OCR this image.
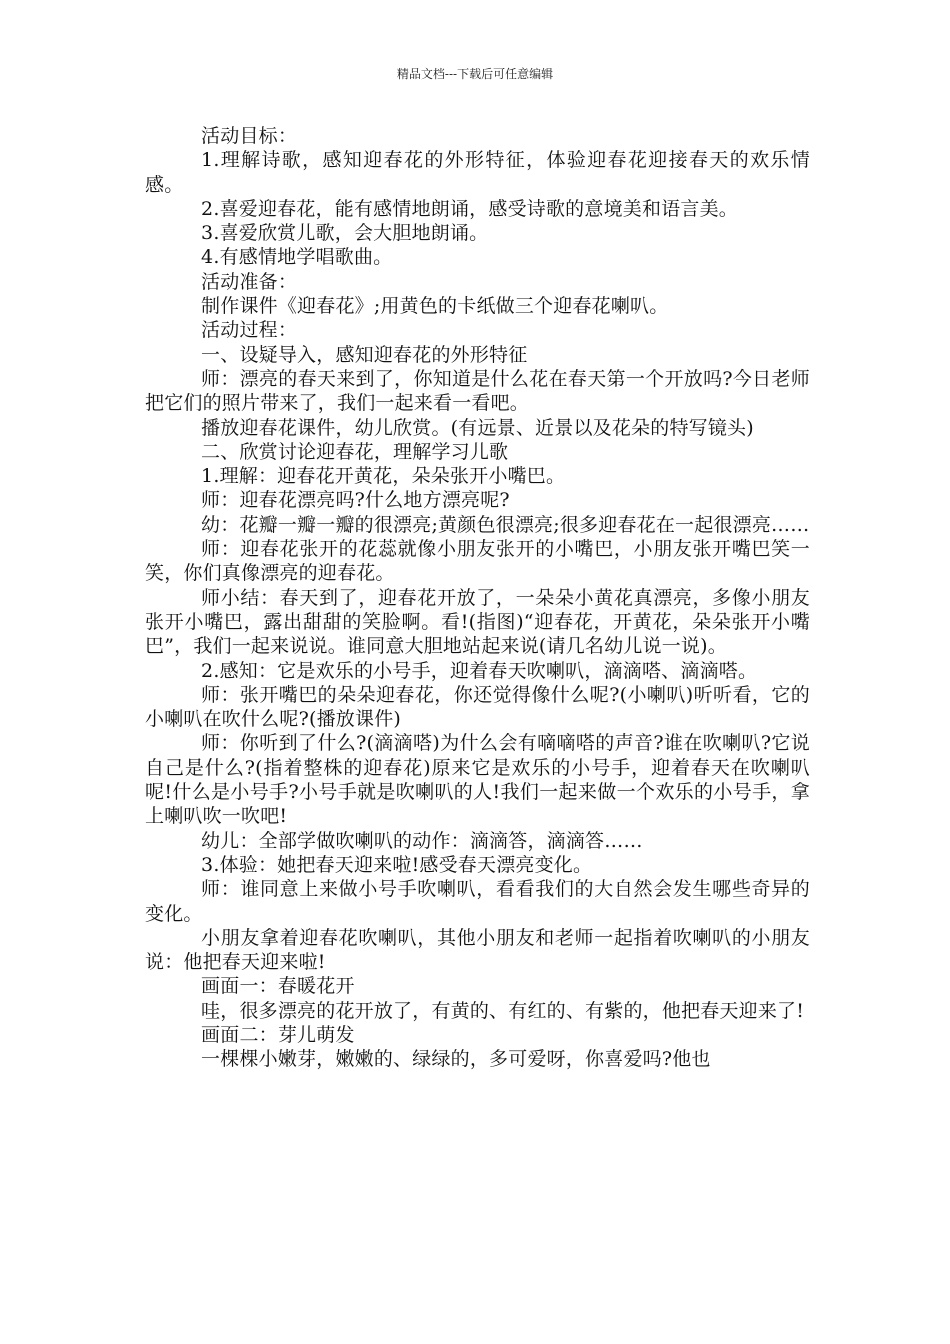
精品文档---下载后可任意编辑

活动目标：

1.理解诗歌，感知迎春花的外形特征，体验迎春花迎接春天的欢乐情感。

2.喜爱迎春花，能有感情地朗诵，感受诗歌的意境美和语言美。

3.喜爱欣赏儿歌，会大胆地朗诵。

4.有感情地学唱歌曲。

活动准备：

制作课件《迎春花》;用黄色的卡纸做三个迎春花喇叭。

活动过程：

一、设疑导入，感知迎春花的外形特征

师：漂亮的春天来到了，你知道是什么花在春天第一个开放吗?今日老师把它们的照片带来了，我们一起来看一看吧。

播放迎春花课件，幼儿欣赏。(有远景、近景以及花朵的特写镜头)

二、欣赏讨论迎春花，理解学习儿歌

1.理解：迎春花开黄花，朵朵张开小嘴巴。

师：迎春花漂亮吗?什么地方漂亮呢?

幼：花瓣一瓣一瓣的很漂亮;黄颜色很漂亮;很多迎春花在一起很漂亮……

师：迎春花张开的花蕊就像小朋友张开的小嘴巴，小朋友张开嘴巴笑一笑，你们真像漂亮的迎春花。

师小结：春天到了，迎春花开放了，一朵朵小黄花真漂亮，多像小朋友张开小嘴巴，露出甜甜的笑脸啊。看!(指图)“迎春花，开黄花，朵朵张开小嘴巴”，我们一起来说说。谁同意大胆地站起来说(请几名幼儿说一说)。

2.感知：它是欢乐的小号手，迎着春天吹喇叭，滴滴嗒、滴滴嗒。

师：张开嘴巴的朵朵迎春花，你还觉得像什么呢?(小喇叭)听听看，它的小喇叭在吹什么呢?(播放课件)

师：你听到了什么?(滴滴嗒)为什么会有嘀嘀嗒的声音?谁在吹喇叭?它说自己是什么?(指着整株的迎春花)原来它是欢乐的小号手，迎着春天在吹喇叭呢!什么是小号手?小号手就是吹喇叭的人!我们一起来做一个欢乐的小号手，拿上喇叭吹一吹吧!

幼儿：全部学做吹喇叭的动作：滴滴答，滴滴答……

3.体验：她把春天迎来啦!感受春天漂亮变化。

师：谁同意上来做小号手吹喇叭，看看我们的大自然会发生哪些奇异的变化。

小朋友拿着迎春花吹喇叭，其他小朋友和老师一起指着吹喇叭的小朋友说：他把春天迎来啦!

画面一：春暖花开

哇，很多漂亮的花开放了，有黄的、有红的、有紫的，他把春天迎来了!

画面二：芽儿萌发

一棵棵小嫩芽，嫩嫩的、绿绿的，多可爱呀，你喜爱吗?他也
